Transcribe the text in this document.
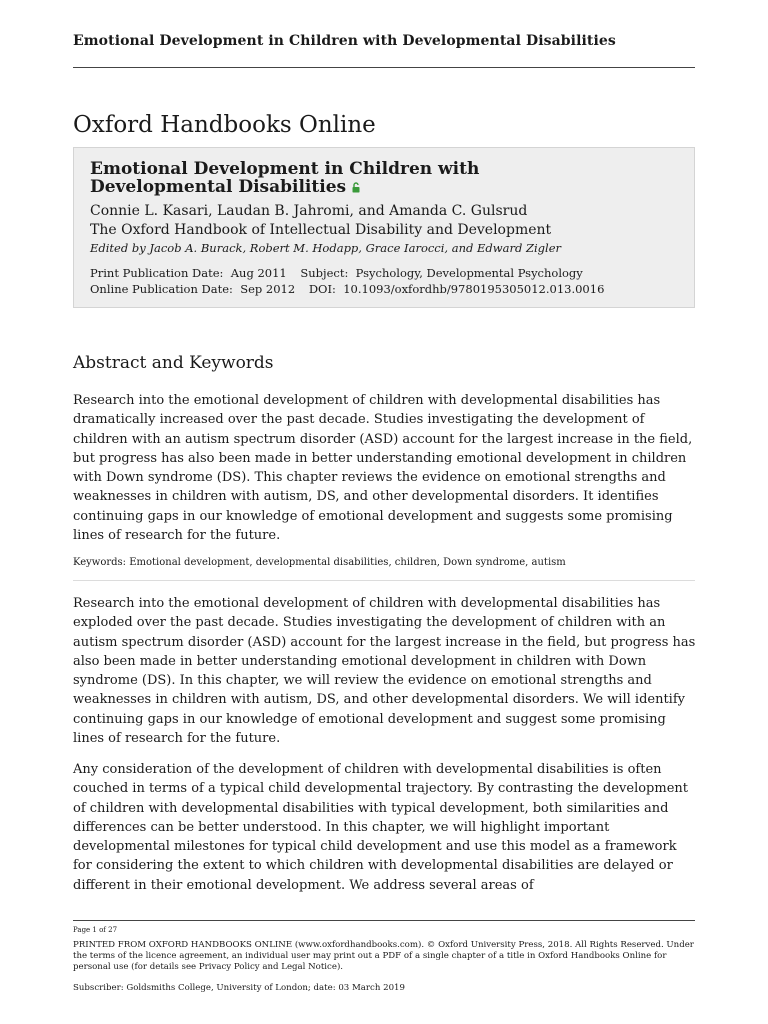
Emotional Development in Children with Developmental Disabilities
Oxford Handbooks Online
Emotional Development in Children with
Developmental Disabilities
Connie L. Kasari, Laudan B. Jahromi, and Amanda C. Gulsrud
The Oxford Handbook of Intellectual Disability and Development
Edited by Jacob A. Burack, Robert M. Hodapp, Grace Iarocci, and Edward Zigler
Print Publication Date: Aug 2011 Subject: Psychology, Developmental Psychology
Online Publication Date: Sep 2012 DOI: 10.1093/oxfordhb/9780195305012.013.0016
Abstract and Keywords

Research into the emotional development of children with developmental disabilities has dramatically increased over the past decade. Studies investigating the development of children with an autism spectrum disorder (ASD) account for the largest increase in the field, but progress has also been made in better understanding emotional development in children with Down syndrome (DS). This chapter reviews the evidence on emotional strengths and weaknesses in children with autism, DS, and other developmental disorders. It identifies continuing gaps in our knowledge of emotional development and suggests some promising lines of research for the future.

Keywords: Emotional development, developmental disabilities, children, Down syndrome, autism

Research into the emotional development of children with developmental disabilities has exploded over the past decade. Studies investigating the development of children with an autism spectrum disorder (ASD) account for the largest increase in the field, but progress has also been made in better understanding emotional development in children with Down syndrome (DS). In this chapter, we will review the evidence on emotional strengths and weaknesses in children with autism, DS, and other developmental disorders. We will identify continuing gaps in our knowledge of emotional development and suggest some promising lines of research for the future.

Any consideration of the development of children with developmental disabilities is often couched in terms of a typical child developmental trajectory. By contrasting the development of children with developmental disabilities with typical development, both similarities and differences can be better understood. In this chapter, we will highlight important developmental milestones for typical child development and use this model as a framework for considering the extent to which children with developmental disabilities are delayed or different in their emotional development. We address several areas of

Page 1 of 27
PRINTED FROM OXFORD HANDBOOKS ONLINE (www.oxfordhandbooks.com). © Oxford University Press, 2018. All Rights Reserved. Under the terms of the licence agreement, an individual user may print out a PDF of a single chapter of a title in Oxford Handbooks Online for personal use (for details see Privacy Policy and Legal Notice).
Subscriber: Goldsmiths College, University of London; date: 03 March 2019
